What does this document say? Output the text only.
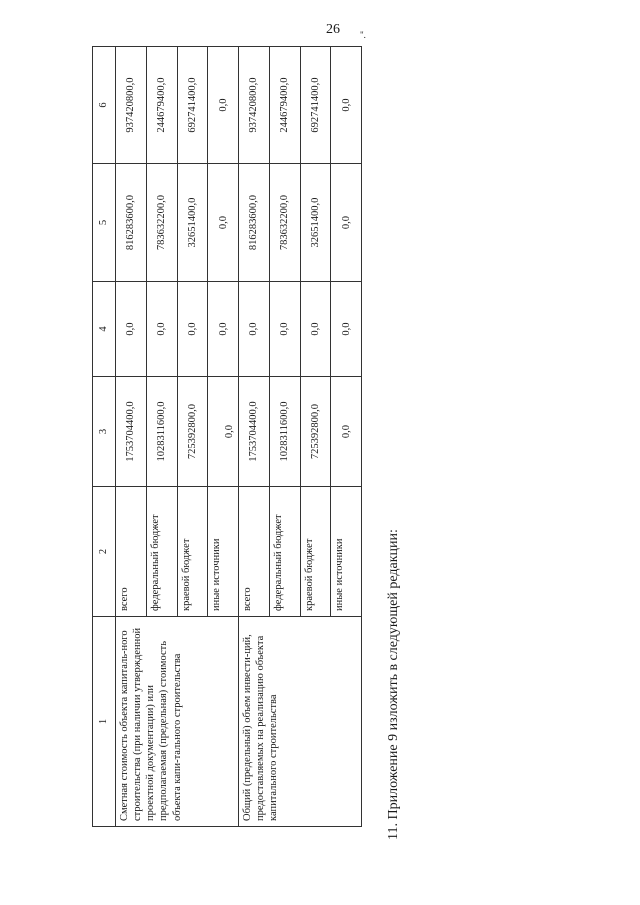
26 ".
1	2	3	4	5	6
Сметная стоимость объекта капиталь-ного строительства (при наличии утвержденной проектной документации) или предполагаемая (предельная) стоимость объекта капи-тального строительства	всего	1753704400,0	0,0	816283600,0	937420800,0
	федеральный бюджет	1028311600,0	0,0	783632200,0	244679400,0
	краевой бюджет	725392800,0	0,0	32651400,0	692741400,0
	иные источники	0,0	0,0	0,0	0,0
Общий (предельный) объем инвести-ций, предоставляемых на реализацию объекта капитального строительства	всего	1753704400,0	0,0	816283600,0	937420800,0
	федеральный бюджет	1028311600,0	0,0	783632200,0	244679400,0
	краевой бюджет	725392800,0	0,0	32651400,0	692741400,0
	иные источники	0,0	0,0	0,0	0,0
11. Приложение 9 изложить в следующей редакции:
